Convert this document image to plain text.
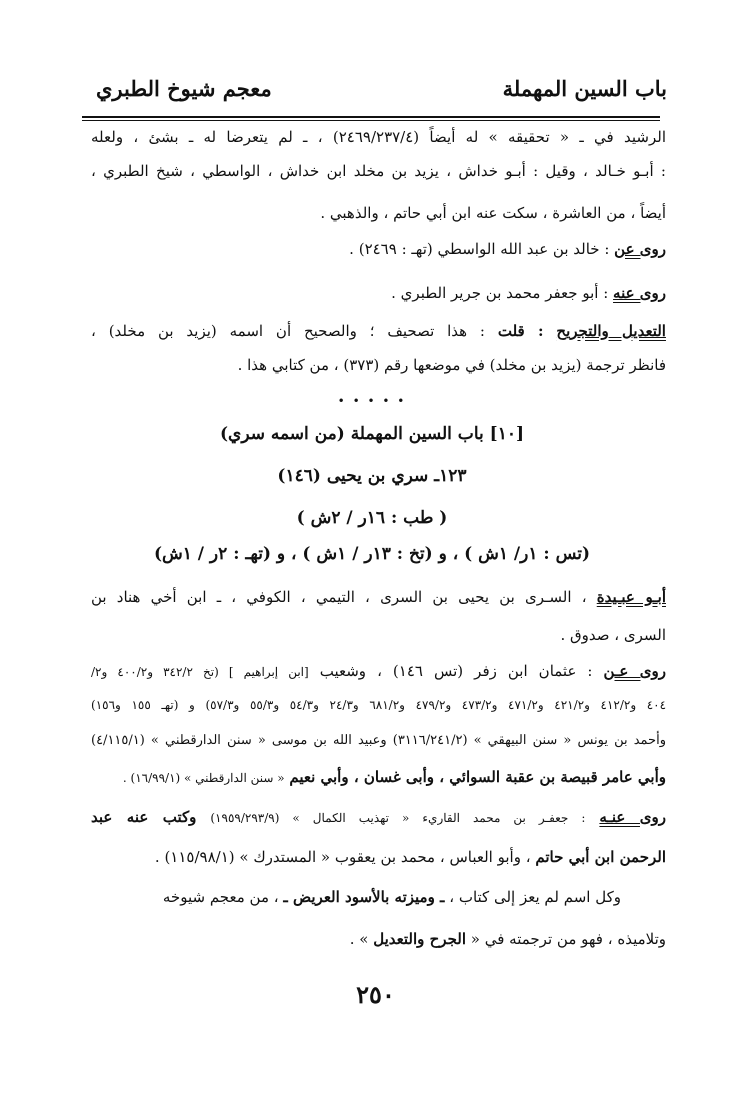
باب السين المهملة
معجم شيوخ الطبري
الرشيد في ـ « تحقيقه » له أيضاً (٢٤٦٩/٢٣٧/٤) ، ـ لم يتعرضا له ـ بشئ ، ولعله
: أبـو خـالد ، وقيل : أبـو خداش ، يزيد بن مخلد ابن خداش ، الواسطي ، شيخ الطبري ،
أيضاً ، من العاشرة ، سكت عنه ابن أبي حاتم ، والذهبي .
روى عن : خالد بن عبد الله الواسطي (تهـ : ٢٤٦٩) .
روى عنه : أبو جعفر محمد بن جرير الطبري .
التعديل والتجريح : قلت : هذا تصحيف ؛ والصحيح أن اسمه (يزيد بن مخلد) ،
فانظر ترجمة (يزيد بن مخلد) في موضعها رقم (٣٧٣) ، من كتابي هذا .
• • • • •
[١٠] باب السين المهملة (من اسمه سري)
١٢٣ـ سري بن يحيى (١٤٦)
( طب : ١٦ر / ٢ش )
(تس : ١ر/ ١ش ) ، و (تخ : ١٣ر / ١ش ) ، و (تهـ : ٢ر / ١ش)
أبـو عبـيدة ، السـرى بن يحيى بن السرى ، التيمي ، الكوفي ، ـ ابن أخي هناد بن
السرى ، صدوق .
روى عـن : عثمان ابن زفر (تس ١٤٦) ، وشعيب [ابن إبراهيم ] (تخ ٣٤٢/٢ و٤٠٠/٢ و٢/
٤٠٤ و٤١٢/٢ و٤٢١/٢ و٤٧١/٢ و٤٧٣/٢ و٤٧٩/٢ و٦٨١/٢ و٢٤/٣ و٥٤/٣ و٥٥/٣ و٥٧/٣) و (تهـ ١٥٥ و١٥٦)
وأحمد بن يونس « سنن البيهقي » (٣١١٦/٢٤١/٢) وعبيد الله بن موسى « سنن الدارقطني » (٤/١١٥/١)
وأبي عامر قبيصة بن عقبة السوائي ، وأبى غسان ، وأبي نعيم « سنن الدارقطني » (١٦/٩٩/١) .
روى عنـه : جعفـر بن محمد القاريء « تهذيب الكمال » (١٩٥٩/٢٩٣/٩) وكتب عنه عبد
الرحمن ابن أبي حاتم ، وأبو العباس ، محمد بن يعقوب « المستدرك » (١١٥/٩٨/١) .
وكل اسم لم يعز إلى كتاب ، ـ وميزته بالأسود العريض ـ ، من معجم شيوخه
وتلاميذه ، فهو من ترجمته في « الجرح والتعديل » .
٢٥٠
